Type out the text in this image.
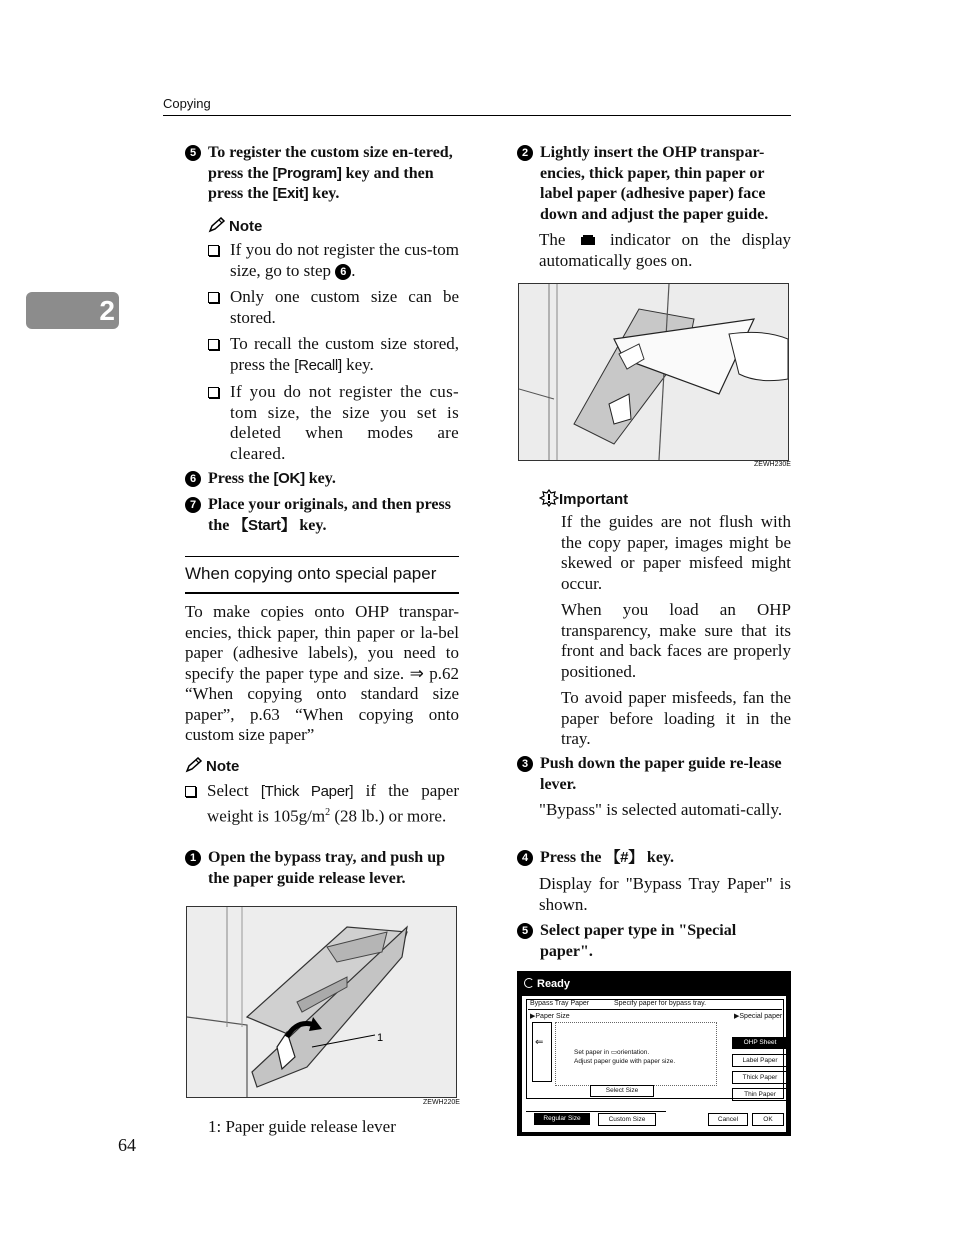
Copying
2
64
5 To register the custom size en-tered, press the [Program] key and then press the [Exit] key.
Note
If you do not register the cus-tom size, go to step 6 .
Only one custom size can be stored.
To recall the custom size stored, press the [Recall] key.
If you do not register the cus-tom size, the size you set is deleted when modes are cleared.
6 Press the [OK] key.
7 Place your originals, and then press the 【Start】 key.
When copying onto special paper
To make copies onto OHP transpar-encies, thick paper, thin paper or la-bel paper (adhesive labels), you need to specify the paper type and size. ⇒ p.62 “When copying onto standard size paper”, p.63 “When copying onto custom size paper”
Note
Select [Thick Paper] if the paper weight is $105g/m^2$ (28 lb.) or more.
1 Open the bypass tray, and push up the paper guide release lever.
1
ZEWH220E
1: Paper guide release lever
2 Lightly insert the OHP transpar-encies, thick paper, thin paper or label paper (adhesive paper) face down and adjust the paper guide.
The	indicator on the display automatically goes on.
ZEWH230E
Important
If the guides are not flush with the copy paper, images might be skewed or paper misfeed might occur.
When you load an OHP transparency, make sure that its front and back faces are properly positioned.
To avoid paper misfeeds, fan the paper before loading it in the tray.
3 Push down the paper guide re-lease lever.
"Bypass" is selected automati-cally.
4 Press the 【#】 key.
Display for "Bypass Tray Paper" is shown.
5 Select paper type in "Special paper".
Ready
Bypass Tray Paper	Specify paper for bypass tray.
▶Paper Size	▶Special paper
⇐
Set paper in ▭orientation.
Adjust paper guide with paper size.
Select Size
OHP Sheet
Label Paper
Thick Paper
Thin Paper
Regular Size	Custom Size	Cancel	OK
